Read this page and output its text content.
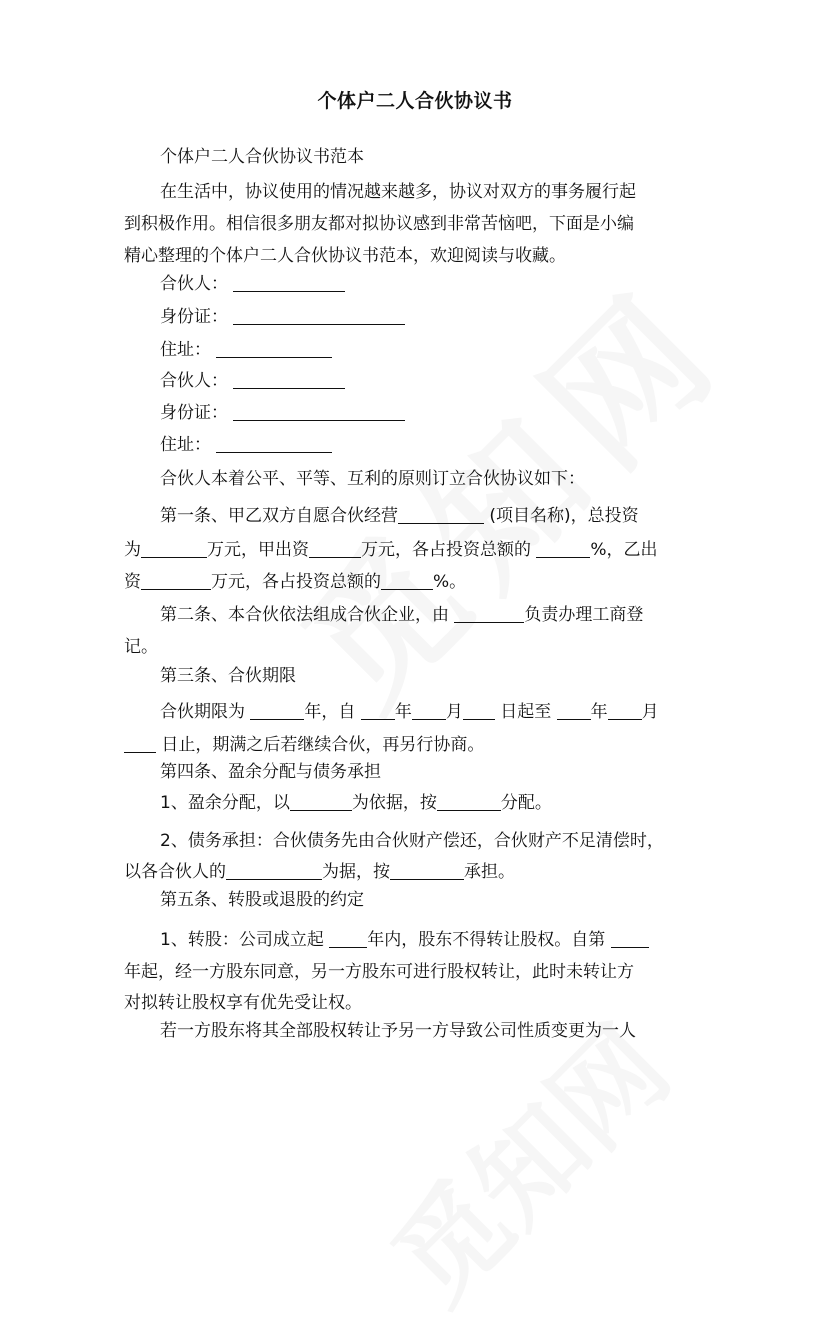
个体户二人合伙协议书
个体户二人合伙协议书范本
在生活中，协议使用的情况越来越多，协议对双方的事务履行起
到积极作用。相信很多朋友都对拟协议感到非常苦恼吧，下面是小编
精心整理的个体户二人合伙协议书范本，欢迎阅读与收藏。
合伙人：
身份证：
住址：
合伙人：
身份证：
住址：
合伙人本着公平、平等、互利的原则订立合伙协议如下：
第一条、甲乙双方自愿合伙经营	(项目名称)，总投资
为	万元，甲出资	万元，各占投资总额的	%，乙出
资	万元，各占投资总额的	%。
第二条、本合伙依法组成合伙企业，由	负责办理工商登
记。
第三条、合伙期限
合伙期限为	年，自 年 月 日起至 年 月
日止，期满之后若继续合伙，再另行协商。
第四条、盈余分配与债务承担
1、盈余分配，以	为依据，按	分配。
2、债务承担：合伙债务先由合伙财产偿还，合伙财产不足清偿时，
以各合伙人的	为据，按	承担。
第五条、转股或退股的约定
1、转股：公司成立起 年内，股东不得转让股权。自第
年起，经一方股东同意，另一方股东可进行股权转让，此时未转让方
对拟转让股权享有优先受让权。
若一方股东将其全部股权转让予另一方导致公司性质变更为一人
